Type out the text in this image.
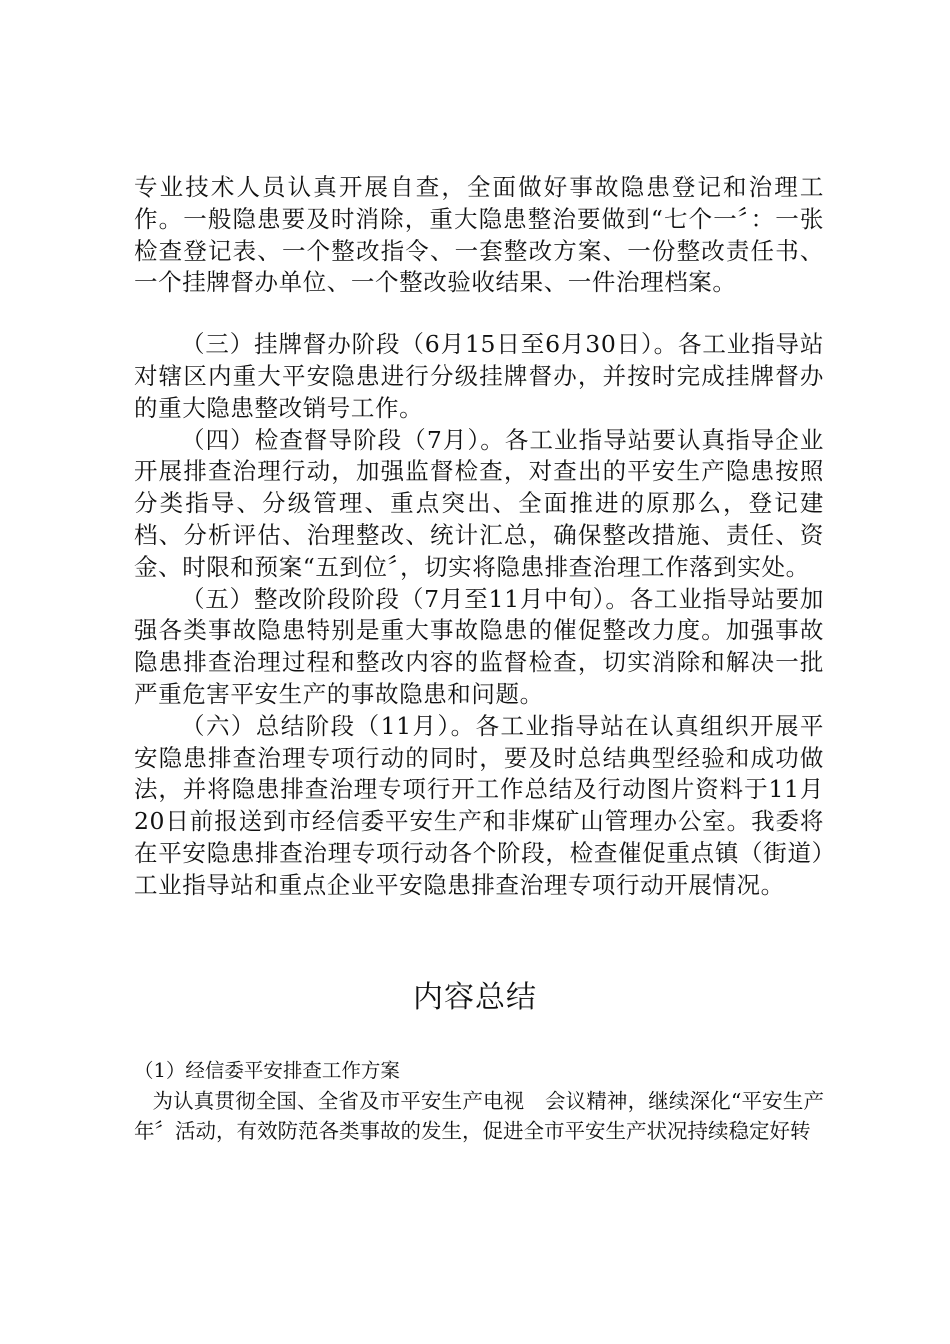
专业技术人员认真开展自查，全面做好事故隐患登记和治理工作。一般隐患要及时消除，重大隐患整治要做到“七个一〞：一张检查登记表、一个整改指令、一套整改方案、一份整改责任书、一个挂牌督办单位、一个整改验收结果、一件治理档案。

（三）挂牌督办阶段（6月15日至6月30日）。各工业指导站对辖区内重大平安隐患进行分级挂牌督办，并按时完成挂牌督办的重大隐患整改销号工作。

（四）检查督导阶段（7月）。各工业指导站要认真指导企业开展排查治理行动，加强监督检查，对查出的平安生产隐患按照分类指导、分级管理、重点突出、全面推进的原那么，登记建档、分析评估、治理整改、统计汇总，确保整改措施、责任、资金、时限和预案“五到位〞，切实将隐患排查治理工作落到实处。

（五）整改阶段阶段（7月至11月中旬）。各工业指导站要加强各类事故隐患特别是重大事故隐患的催促整改力度。加强事故隐患排查治理过程和整改内容的监督检查，切实消除和解决一批严重危害平安生产的事故隐患和问题。

（六）总结阶段（11月）。各工业指导站在认真组织开展平安隐患排查治理专项行动的同时，要及时总结典型经验和成功做法，并将隐患排查治理专项行开工作总结及行动图片资料于11月20日前报送到市经信委平安生产和非煤矿山管理办公室。我委将在平安隐患排查治理专项行动各个阶段，检查催促重点镇（街道）工业指导站和重点企业平安隐患排查治理专项行动开展情况。

内容总结

（1）经信委平安排查工作方案

为认真贯彻全国、全省及市平安生产电视　会议精神，继续深化“平安生产年〞活动，有效防范各类事故的发生，促进全市平安生产状况持续稳定好转
